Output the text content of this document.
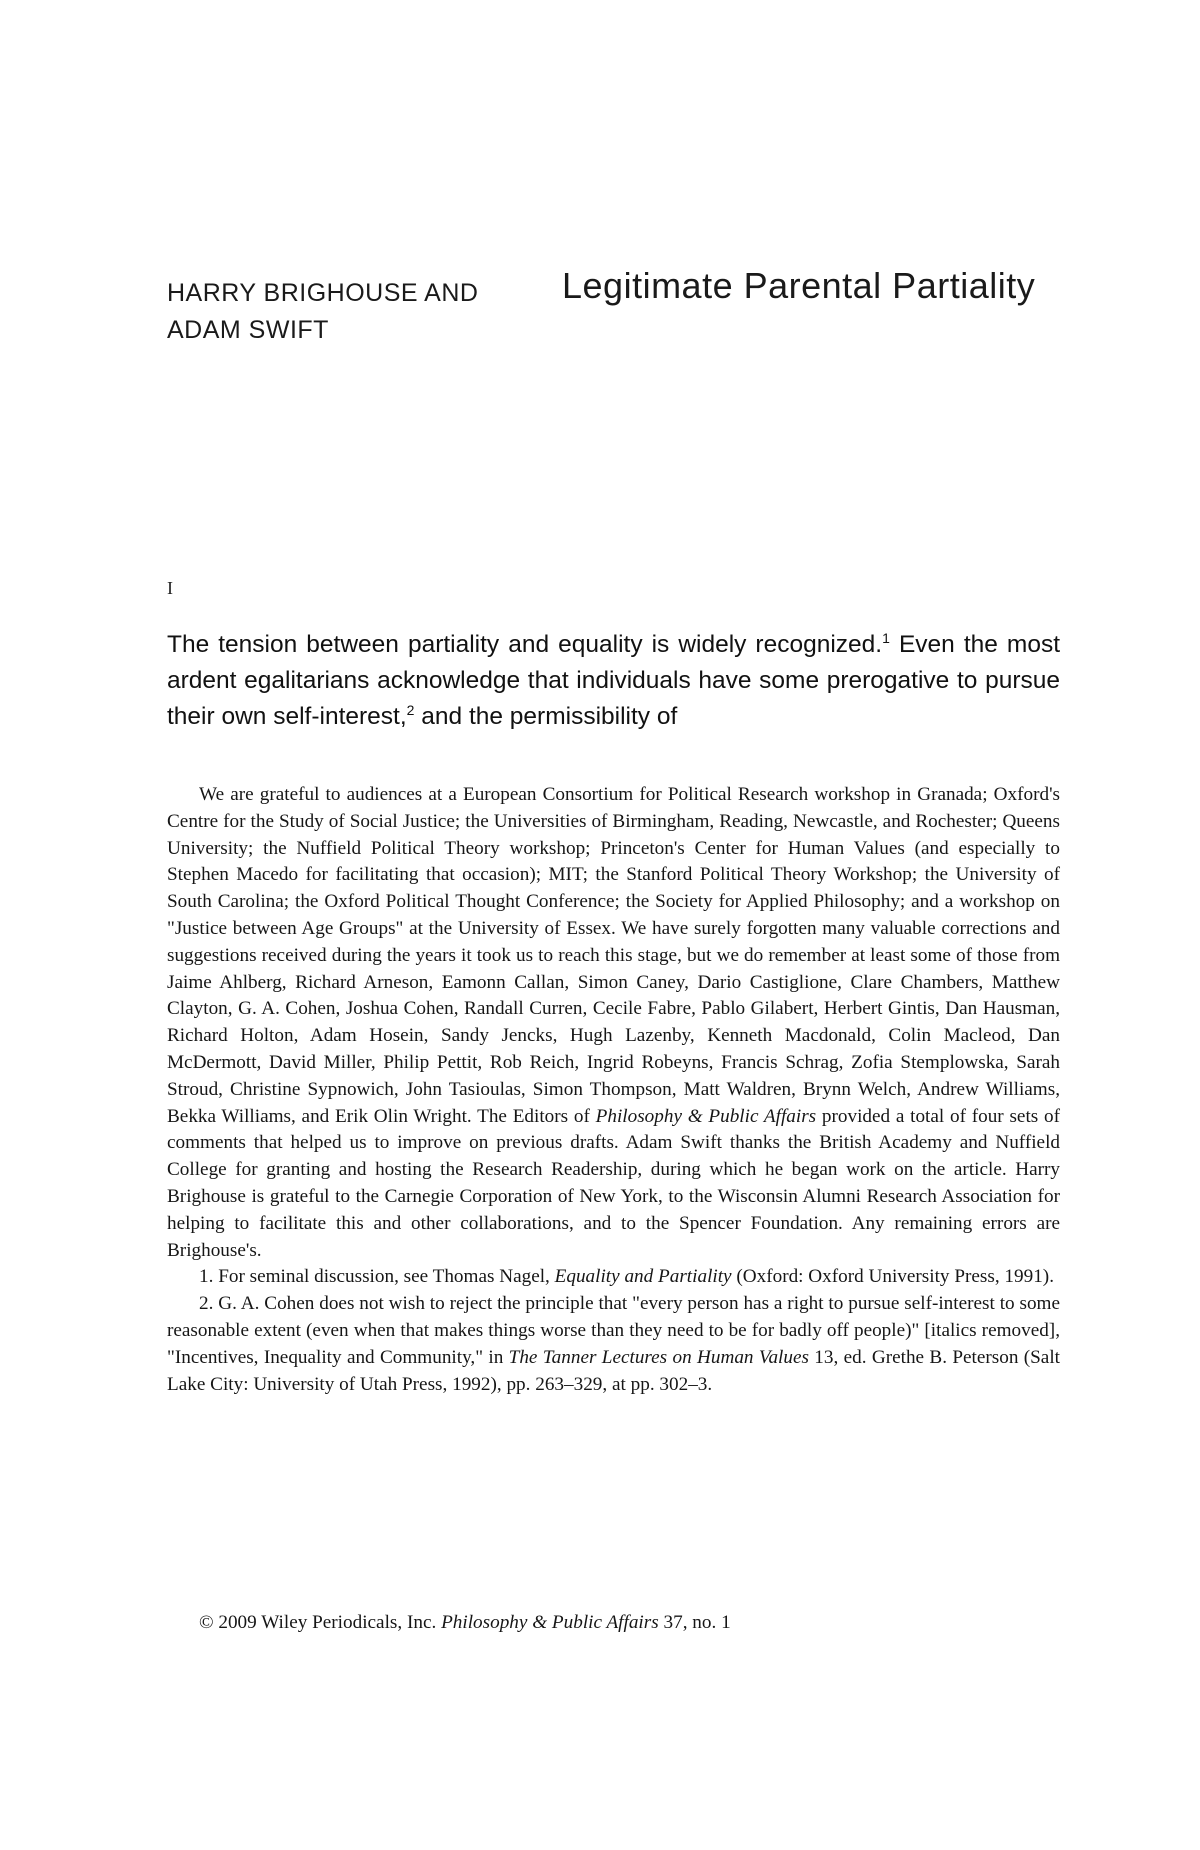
HARRY BRIGHOUSE AND
ADAM SWIFT
Legitimate Parental Partiality
I
The tension between partiality and equality is widely recognized.$^1$ Even the most ardent egalitarians acknowledge that individuals have some prerogative to pursue their own self-interest,$^2$ and the permissibility of

We are grateful to audiences at a European Consortium for Political Research workshop in Granada; Oxford's Centre for the Study of Social Justice; the Universities of Birmingham, Reading, Newcastle, and Rochester; Queens University; the Nuffield Political Theory workshop; Princeton's Center for Human Values (and especially to Stephen Macedo for facilitating that occasion); MIT; the Stanford Political Theory Workshop; the University of South Carolina; the Oxford Political Thought Conference; the Society for Applied Philosophy; and a workshop on "Justice between Age Groups" at the University of Essex. We have surely forgotten many valuable corrections and suggestions received during the years it took us to reach this stage, but we do remember at least some of those from Jaime Ahlberg, Richard Arneson, Eamonn Callan, Simon Caney, Dario Castiglione, Clare Chambers, Matthew Clayton, G. A. Cohen, Joshua Cohen, Randall Curren, Cecile Fabre, Pablo Gilabert, Herbert Gintis, Dan Hausman, Richard Holton, Adam Hosein, Sandy Jencks, Hugh Lazenby, Kenneth Macdonald, Colin Macleod, Dan McDermott, David Miller, Philip Pettit, Rob Reich, Ingrid Robeyns, Francis Schrag, Zofia Stemplowska, Sarah Stroud, Christine Sypnowich, John Tasioulas, Simon Thompson, Matt Waldren, Brynn Welch, Andrew Williams, Bekka Williams, and Erik Olin Wright. The Editors of Philosophy & Public Affairs provided a total of four sets of comments that helped us to improve on previous drafts. Adam Swift thanks the British Academy and Nuffield College for granting and hosting the Research Readership, during which he began work on the article. Harry Brighouse is grateful to the Carnegie Corporation of New York, to the Wisconsin Alumni Research Association for helping to facilitate this and other collaborations, and to the Spencer Foundation. Any remaining errors are Brighouse's.

1. For seminal discussion, see Thomas Nagel, Equality and Partiality (Oxford: Oxford University Press, 1991).

2. G. A. Cohen does not wish to reject the principle that "every person has a right to pursue self-interest to some reasonable extent (even when that makes things worse than they need to be for badly off people)" [italics removed], "Incentives, Inequality and Community," in The Tanner Lectures on Human Values 13, ed. Grethe B. Peterson (Salt Lake City: University of Utah Press, 1992), pp. 263–329, at pp. 302–3.

© 2009 Wiley Periodicals, Inc. Philosophy & Public Affairs 37, no. 1
